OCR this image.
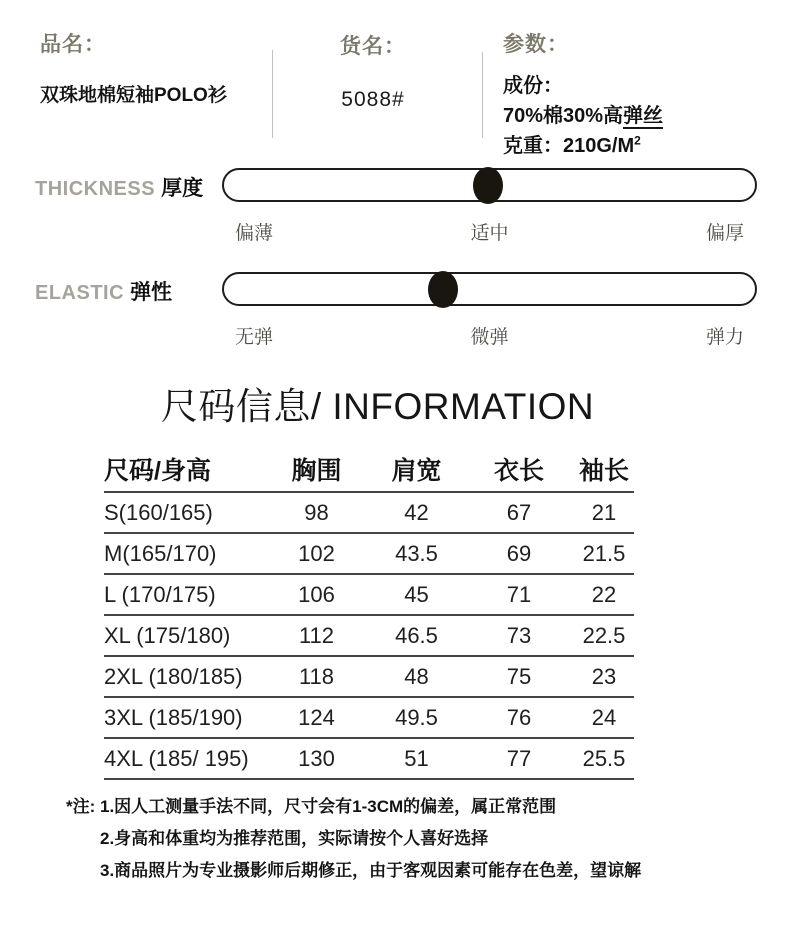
品名：
双珠地棉短袖POLO衫
货名：
5088#
参数：
成份：
70%棉30%高弹丝
克重：$210G/M^2$
THICKNESS 厚度
偏薄	适中	偏厚
ELASTIC 弹性
无弹	微弹	弹力
尺码信息/ INFORMATION
尺码/身高	胸围	肩宽	衣长	袖长
S(160/165)	98	42	67	21
M(165/170)	102	43.5	69	21.5
L (170/175)	106	45	71	22
XL (175/180)	112	46.5	73	22.5
2XL (180/185)	118	48	75	23
3XL (185/190)	124	49.5	76	24
4XL (185/ 195)	130	51	77	25.5
*注: 1.因人工测量手法不同，尺寸会有1-3CM的偏差，属正常范围
2.身高和体重均为推荐范围，实际请按个人喜好选择
3.商品照片为专业摄影师后期修正，由于客观因素可能存在色差，望谅解
